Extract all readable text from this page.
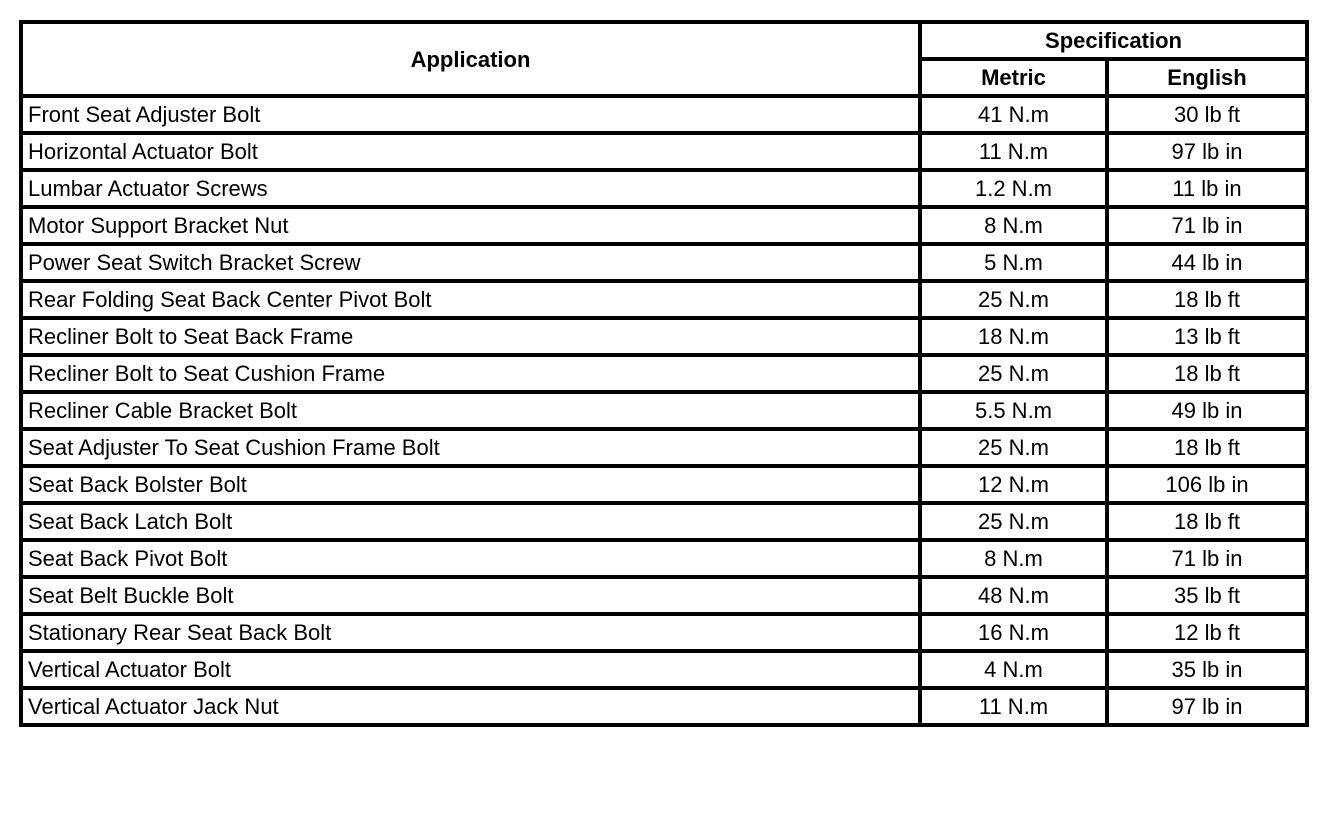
Application	Specification	
	Metric	English
Front Seat Adjuster Bolt	41 N.m	30 lb ft
Horizontal Actuator Bolt	11 N.m	97 lb in
Lumbar Actuator Screws	1.2 N.m	11 lb in
Motor Support Bracket Nut	8 N.m	71 lb in
Power Seat Switch Bracket Screw	5 N.m	44 lb in
Rear Folding Seat Back Center Pivot Bolt	25 N.m	18 lb ft
Recliner Bolt to Seat Back Frame	18 N.m	13 lb ft
Recliner Bolt to Seat Cushion Frame	25 N.m	18 lb ft
Recliner Cable Bracket Bolt	5.5 N.m	49 lb in
Seat Adjuster To Seat Cushion Frame Bolt	25 N.m	18 lb ft
Seat Back Bolster Bolt	12 N.m	106 lb in
Seat Back Latch Bolt	25 N.m	18 lb ft
Seat Back Pivot Bolt	8 N.m	71 lb in
Seat Belt Buckle Bolt	48 N.m	35 lb ft
Stationary Rear Seat Back Bolt	16 N.m	12 lb ft
Vertical Actuator Bolt	4 N.m	35 lb in
Vertical Actuator Jack Nut	11 N.m	97 lb in
